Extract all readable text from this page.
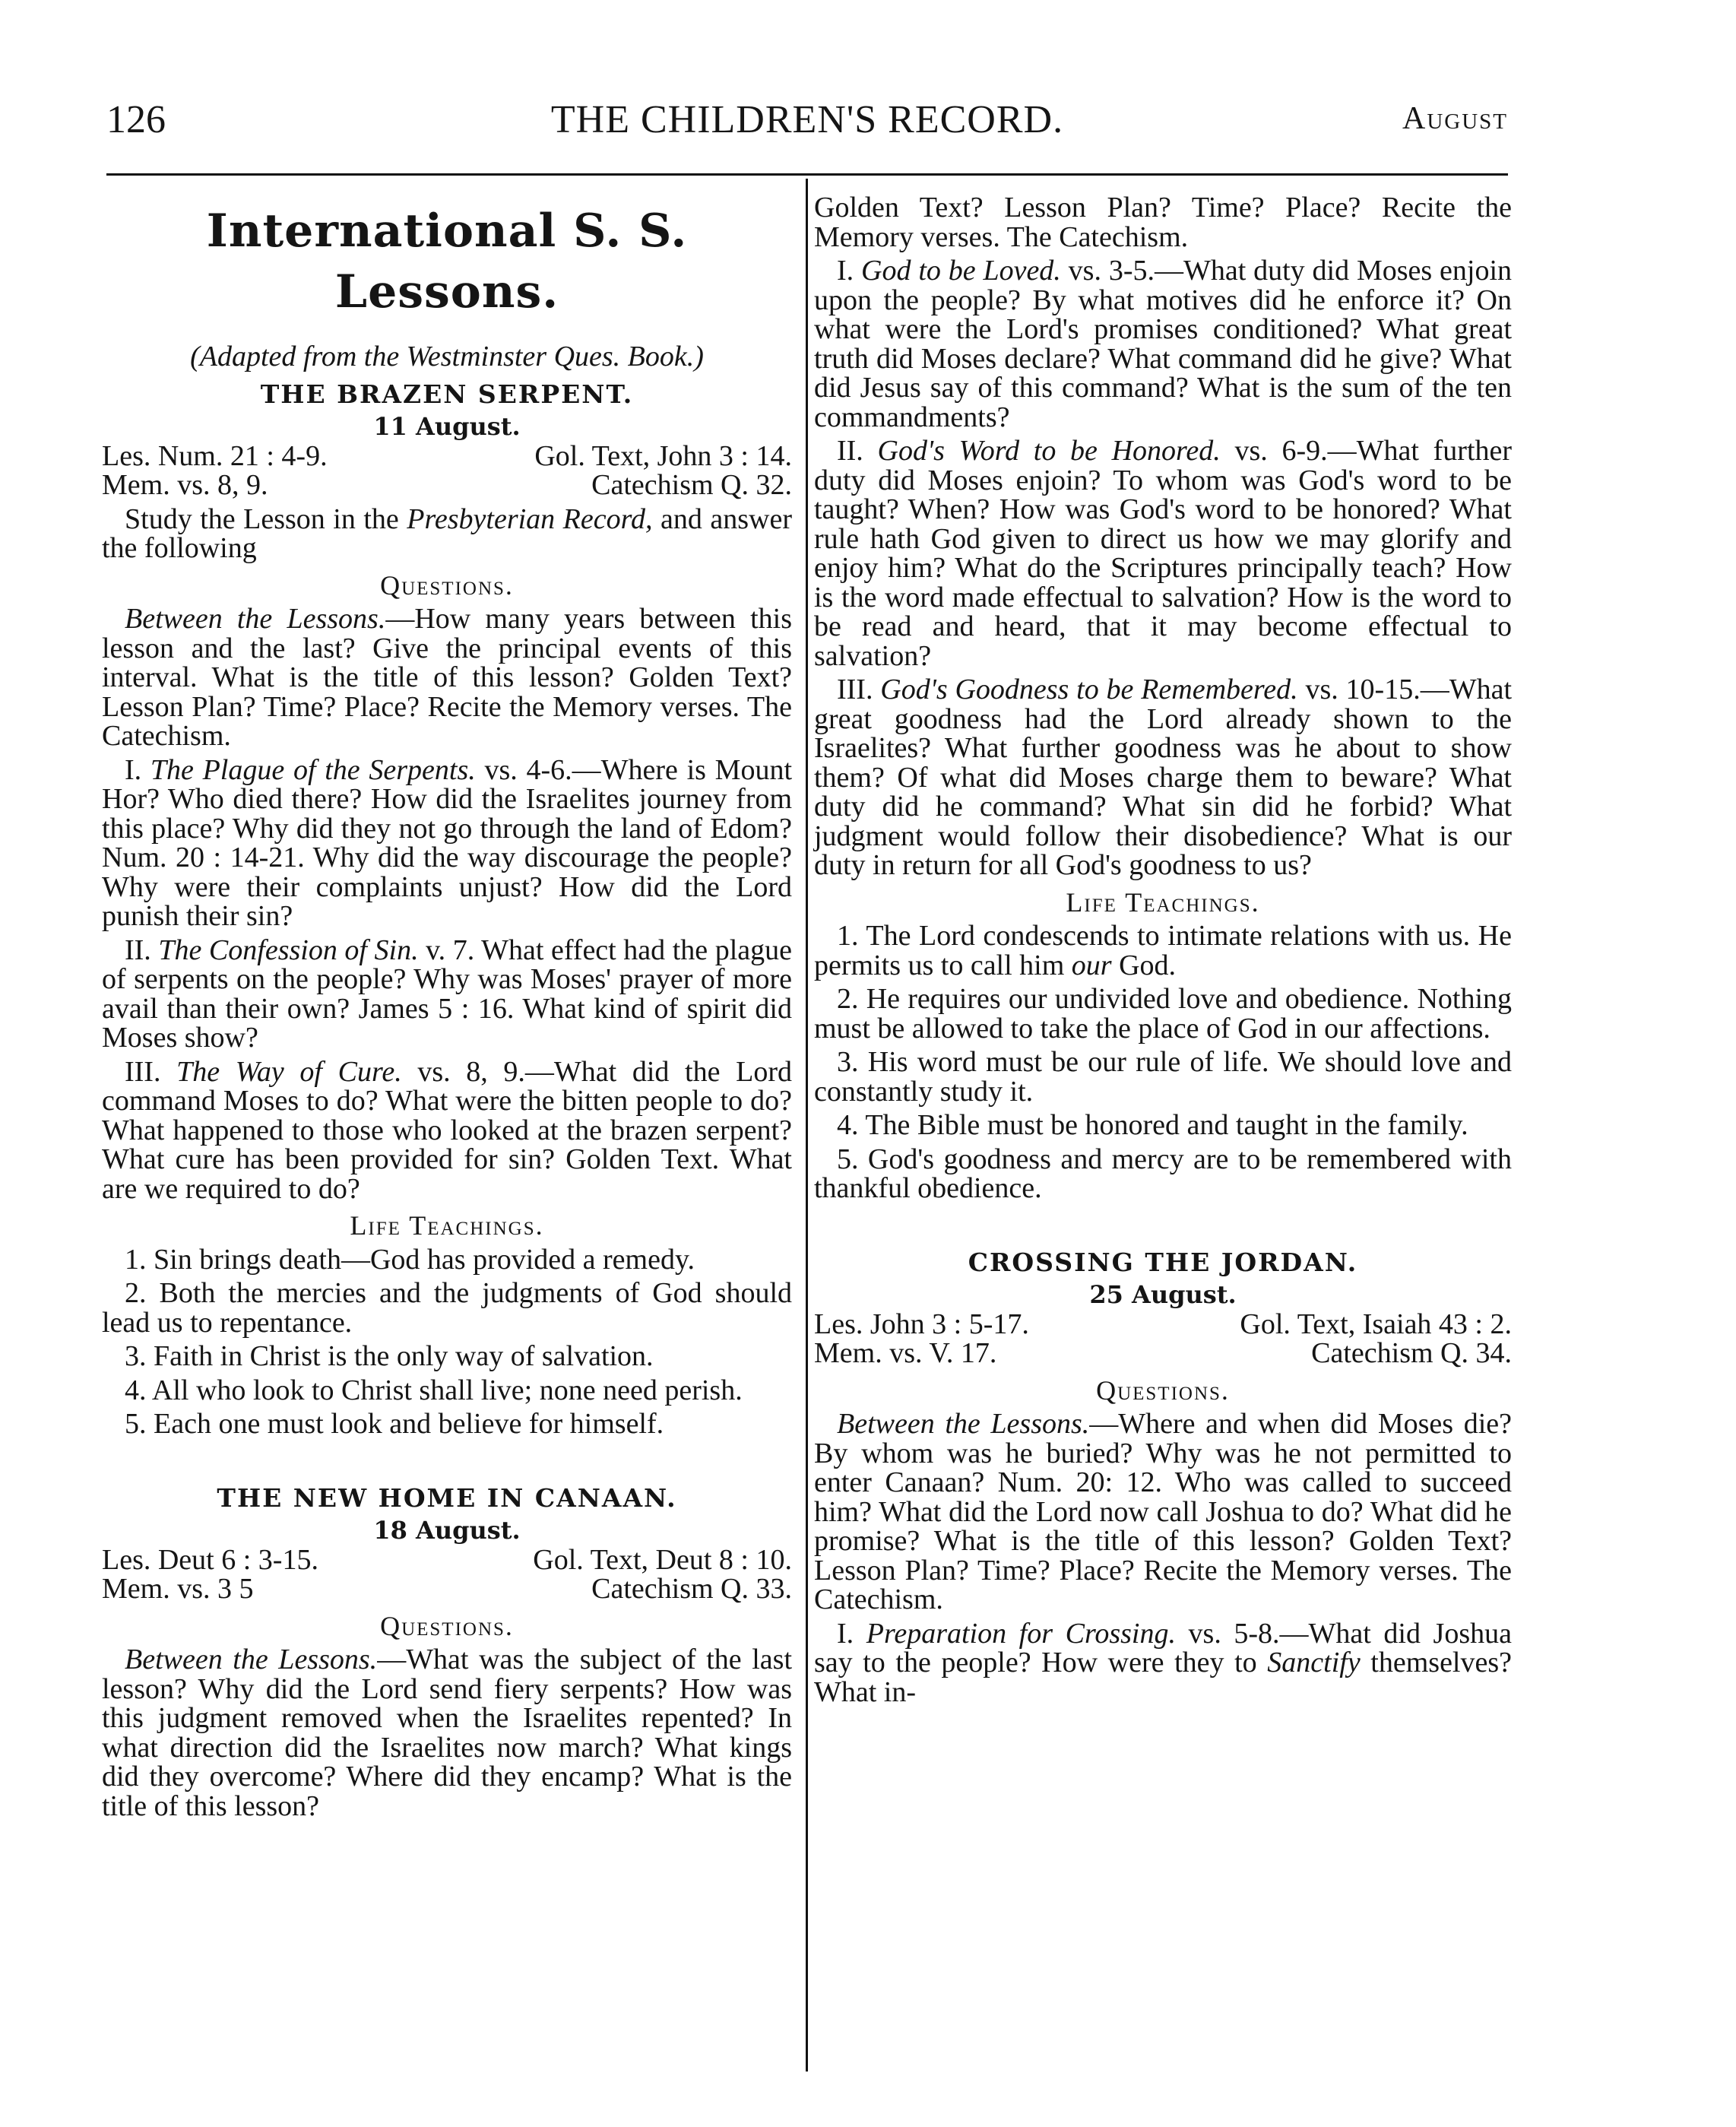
126	THE CHILDREN'S RECORD.	August
International S. S. Lessons.
(Adapted from the Westminster Ques. Book.)
THE BRAZEN SERPENT.
11 August.
Les. Num. 21 : 4-9.	Gol. Text, John 3 : 14.
Mem. vs. 8, 9.	Catechism Q. 32.

Study the Lesson in the Presbyterian Record, and answer the following

Questions.

Between the Lessons.—How many years between this lesson and the last? Give the principal events of this interval. What is the title of this lesson? Golden Text? Lesson Plan? Time? Place? Recite the Memory verses. The Catechism.

I. The Plague of the Serpents. vs. 4-6.—Where is Mount Hor? Who died there? How did the Israelites journey from this place? Why did they not go through the land of Edom? Num. 20 : 14-21. Why did the way discourage the people? Why were their complaints unjust? How did the Lord punish their sin?

II. The Confession of Sin. v. 7. What effect had the plague of serpents on the people? Why was Moses' prayer of more avail than their own? James 5 : 16. What kind of spirit did Moses show?

III. The Way of Cure. vs. 8, 9.—What did the Lord command Moses to do? What were the bitten people to do? What happened to those who looked at the brazen serpent? What cure has been provided for sin? Golden Text. What are we required to do?

Life Teachings.

1. Sin brings death—God has provided a remedy.

2. Both the mercies and the judgments of God should lead us to repentance.

3. Faith in Christ is the only way of salvation.

4. All who look to Christ shall live; none need perish.

5. Each one must look and believe for himself.

THE NEW HOME IN CANAAN.
18 August.
Les. Deut 6 : 3-15.	Gol. Text, Deut 8 : 10.
Mem. vs. 3 5	Catechism Q. 33.
Questions.

Between the Lessons.—What was the subject of the last lesson? Why did the Lord send fiery serpents? How was this judgment removed when the Israelites repented? In what direction did the Israelites now march? What kings did they overcome? Where did they encamp? What is the title of this lesson?

Golden Text? Lesson Plan? Time? Place? Recite the Memory verses. The Catechism.

I. God to be Loved. vs. 3-5.—What duty did Moses enjoin upon the people? By what motives did he enforce it? On what were the Lord's promises conditioned? What great truth did Moses declare? What command did he give? What did Jesus say of this command? What is the sum of the ten commandments?

II. God's Word to be Honored. vs. 6-9.—What further duty did Moses enjoin? To whom was God's word to be taught? When? How was God's word to be honored? What rule hath God given to direct us how we may glorify and enjoy him? What do the Scriptures principally teach? How is the word made effectual to salvation? How is the word to be read and heard, that it may become effectual to salvation?

III. God's Goodness to be Remembered. vs. 10-15.—What great goodness had the Lord already shown to the Israelites? What further goodness was he about to show them? Of what did Moses charge them to beware? What duty did he command? What sin did he forbid? What judgment would follow their disobedience? What is our duty in return for all God's goodness to us?

Life Teachings.

1. The Lord condescends to intimate relations with us. He permits us to call him our God.

2. He requires our undivided love and obedience. Nothing must be allowed to take the place of God in our affections.

3. His word must be our rule of life. We should love and constantly study it.

4. The Bible must be honored and taught in the family.

5. God's goodness and mercy are to be remembered with thankful obedience.

CROSSING THE JORDAN.
25 August.
Les. John 3 : 5-17.	Gol. Text, Isaiah 43 : 2.
Mem. vs. V. 17.	Catechism Q. 34.
Questions.

Between the Lessons.—Where and when did Moses die? By whom was he buried? Why was he not permitted to enter Canaan? Num. 20: 12. Who was called to succeed him? What did the Lord now call Joshua to do? What did he promise? What is the title of this lesson? Golden Text? Lesson Plan? Time? Place? Recite the Memory verses. The Catechism.

I. Preparation for Crossing. vs. 5-8.—What did Joshua say to the people? How were they to Sanctify themselves? What in-
